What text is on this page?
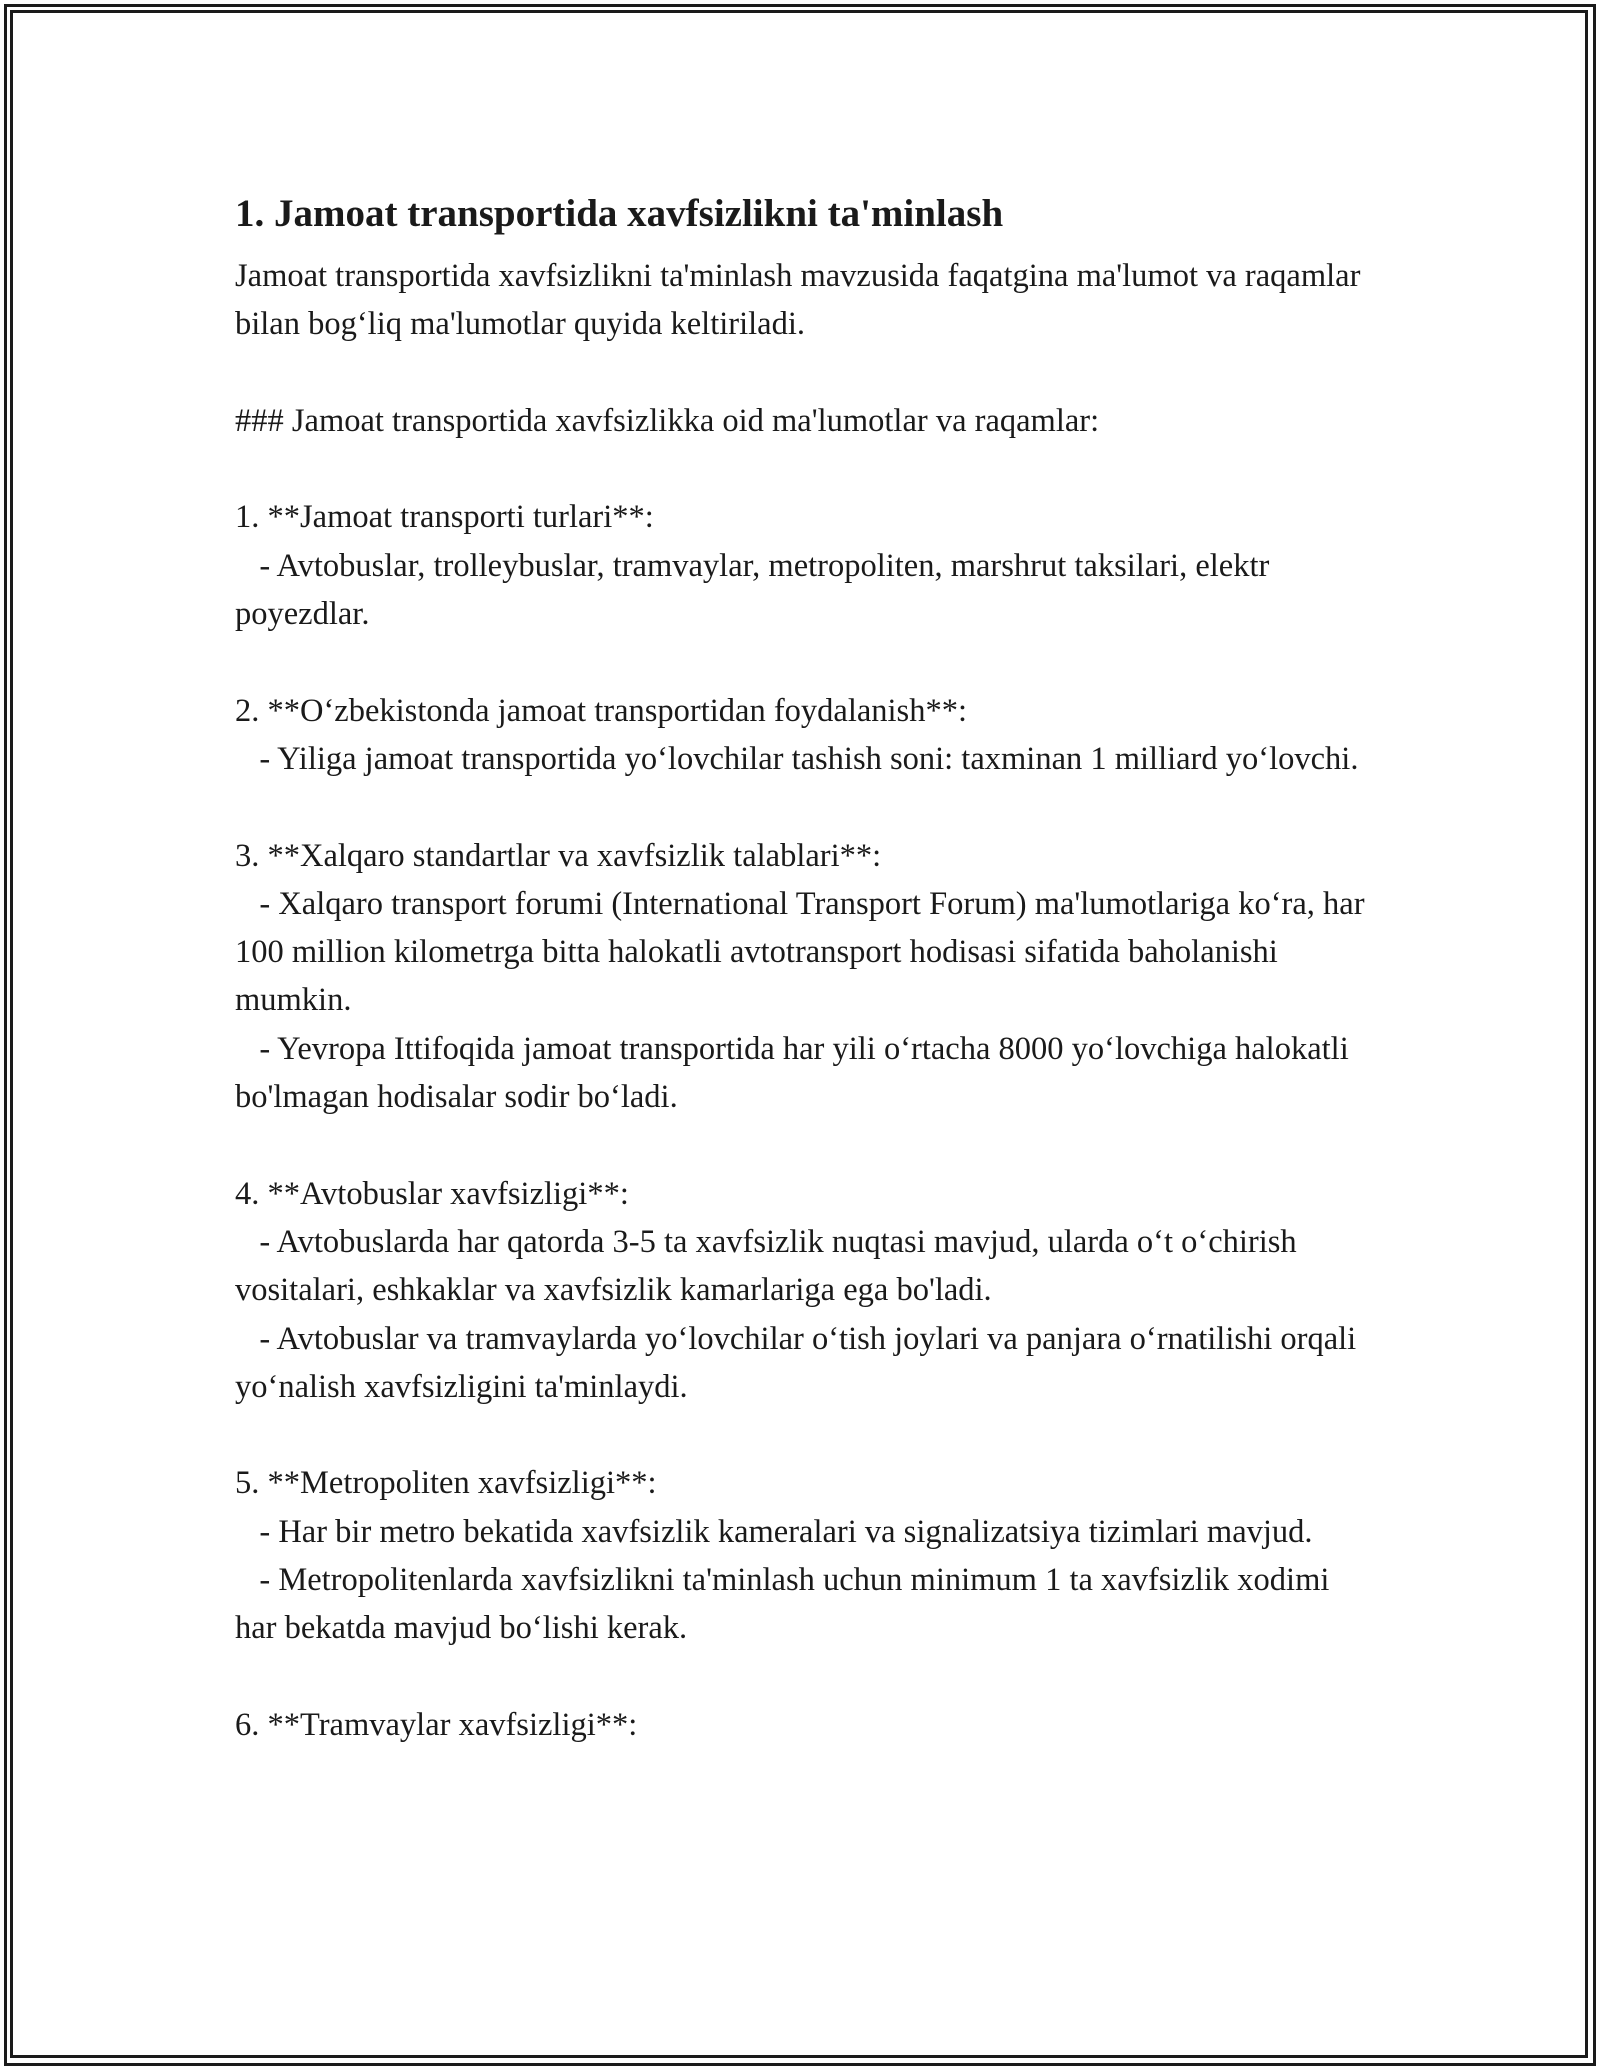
1. Jamoat transportida xavfsizlikni ta'minlash

Jamoat transportida xavfsizlikni ta'minlash mavzusida faqatgina ma'lumot va raqamlar bilan bog‘liq ma'lumotlar quyida keltiriladi.

### Jamoat transportida xavfsizlikka oid ma'lumotlar va raqamlar:

1. **Jamoat transporti turlari**:

- Avtobuslar, trolleybuslar, tramvaylar, metropoliten, marshrut taksilari, elektr poyezdlar.

2. **O‘zbekistonda jamoat transportidan foydalanish**:

- Yiliga jamoat transportida yo‘lovchilar tashish soni: taxminan 1 milliard yo‘lovchi.

3. **Xalqaro standartlar va xavfsizlik talablari**:

- Xalqaro transport forumi (International Transport Forum) ma'lumotlariga ko‘ra, har 100 million kilometrga bitta halokatli avtotransport hodisasi sifatida baholanishi mumkin.

- Yevropa Ittifoqida jamoat transportida har yili o‘rtacha 8000 yo‘lovchiga halokatli bo'lmagan hodisalar sodir bo‘ladi.

4. **Avtobuslar xavfsizligi**:

- Avtobuslarda har qatorda 3-5 ta xavfsizlik nuqtasi mavjud, ularda o‘t o‘chirish vositalari, eshkaklar va xavfsizlik kamarlariga ega bo'ladi.

- Avtobuslar va tramvaylarda yo‘lovchilar o‘tish joylari va panjara o‘rnatilishi orqali yo‘nalish xavfsizligini ta'minlaydi.

5. **Metropoliten xavfsizligi**:

- Har bir metro bekatida xavfsizlik kameralari va signalizatsiya tizimlari mavjud.

- Metropolitenlarda xavfsizlikni ta'minlash uchun minimum 1 ta xavfsizlik xodimi har bekatda mavjud bo‘lishi kerak.

6. **Tramvaylar xavfsizligi**:
